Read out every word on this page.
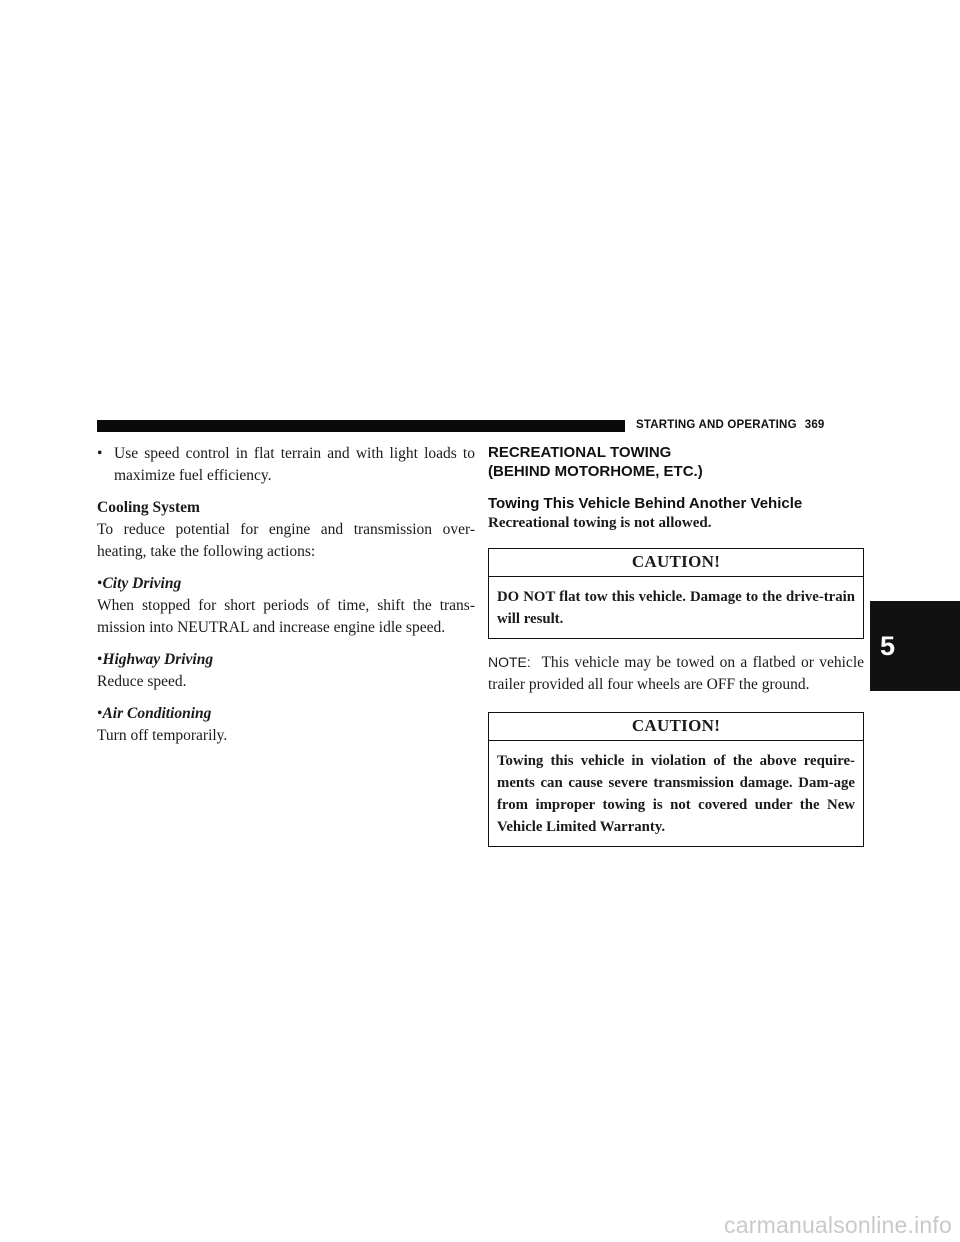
STARTING AND OPERATING 369
• Use speed control in flat terrain and with light loads to maximize fuel efficiency.
Cooling System
To reduce potential for engine and transmission over-heating, take the following actions:
•City Driving
When stopped for short periods of time, shift the trans-mission into NEUTRAL and increase engine idle speed.
•Highway Driving
Reduce speed.
•Air Conditioning
Turn off temporarily.
RECREATIONAL TOWING
(BEHIND MOTORHOME, ETC.)
Towing This Vehicle Behind Another Vehicle
Recreational towing is not allowed.
CAUTION!
DO NOT flat tow this vehicle. Damage to the drive-train will result.
NOTE: This vehicle may be towed on a flatbed or vehicle trailer provided all four wheels are OFF the ground.
CAUTION!
Towing this vehicle in violation of the above require-ments can cause severe transmission damage. Dam-age from improper towing is not covered under the New Vehicle Limited Warranty.
5
carmanualsonline.info
